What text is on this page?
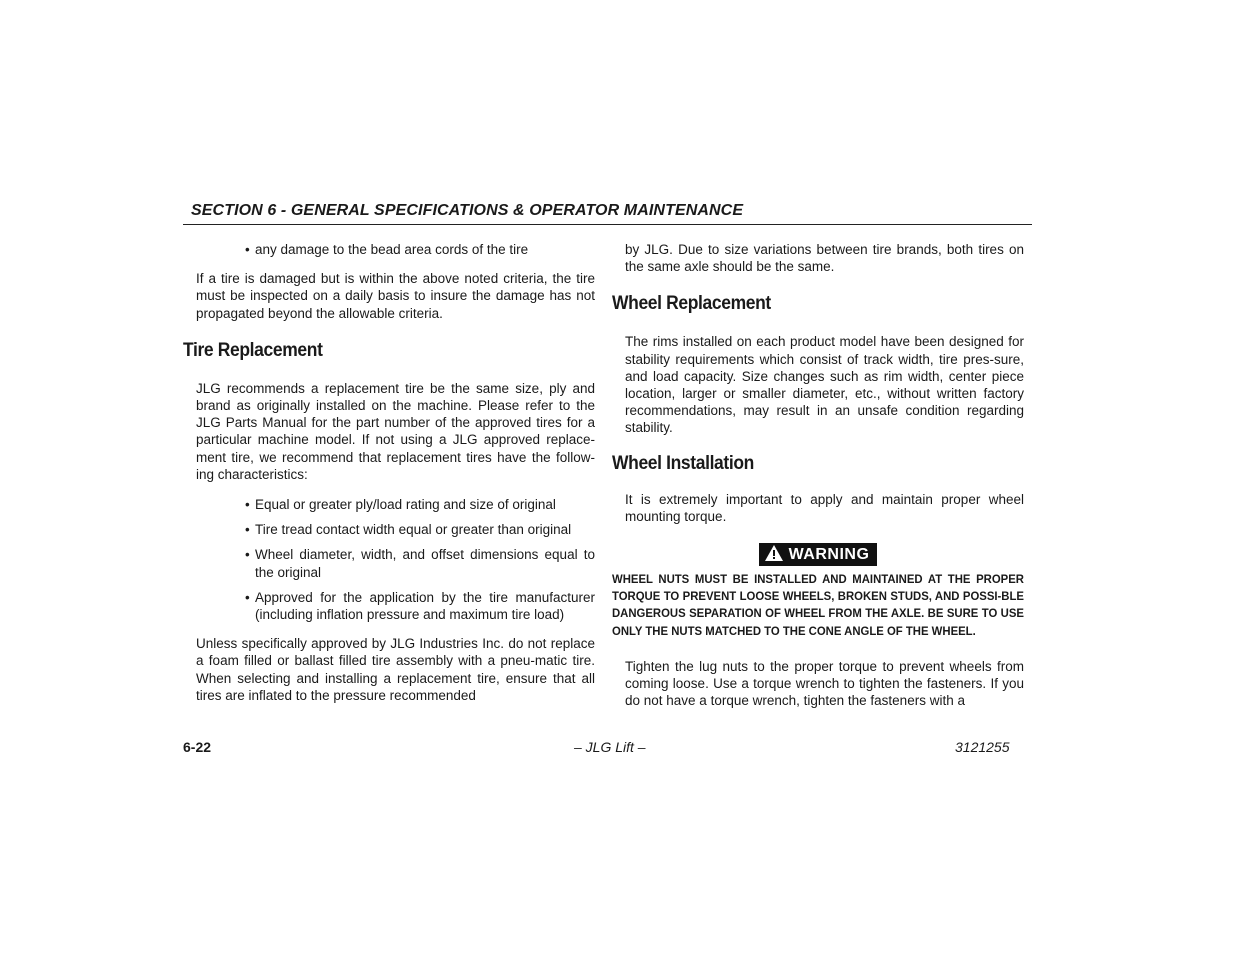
SECTION 6 - GENERAL SPECIFICATIONS & OPERATOR MAINTENANCE
• any damage to the bead area cords of the tire

If a tire is damaged but is within the above noted criteria, the tire must be inspected on a daily basis to insure the damage has not propagated beyond the allowable criteria.

Tire Replacement

JLG recommends a replacement tire be the same size, ply and brand as originally installed on the machine. Please refer to the JLG Parts Manual for the part number of the approved tires for a particular machine model. If not using a JLG approved replace-ment tire, we recommend that replacement tires have the follow-ing characteristics:

• Equal or greater ply/load rating and size of original
• Tire tread contact width equal or greater than original
• Wheel diameter, width, and offset dimensions equal to the original
• Approved for the application by the tire manufacturer (including inflation pressure and maximum tire load)

Unless specifically approved by JLG Industries Inc. do not replace a foam filled or ballast filled tire assembly with a pneu-matic tire. When selecting and installing a replacement tire, ensure that all tires are inflated to the pressure recommended

by JLG. Due to size variations between tire brands, both tires on the same axle should be the same.

Wheel Replacement

The rims installed on each product model have been designed for stability requirements which consist of track width, tire pres-sure, and load capacity. Size changes such as rim width, center piece location, larger or smaller diameter, etc., without written factory recommendations, may result in an unsafe condition regarding stability.

Wheel Installation

It is extremely important to apply and maintain proper wheel mounting torque.

WARNING
WHEEL NUTS MUST BE INSTALLED AND MAINTAINED AT THE PROPER TORQUE TO PREVENT LOOSE WHEELS, BROKEN STUDS, AND POSSI-BLE DANGEROUS SEPARATION OF WHEEL FROM THE AXLE. BE SURE TO USE ONLY THE NUTS MATCHED TO THE CONE ANGLE OF THE WHEEL.

Tighten the lug nuts to the proper torque to prevent wheels from coming loose. Use a torque wrench to tighten the fasteners. If you do not have a torque wrench, tighten the fasteners with a

6-22	– JLG Lift –	3121255
